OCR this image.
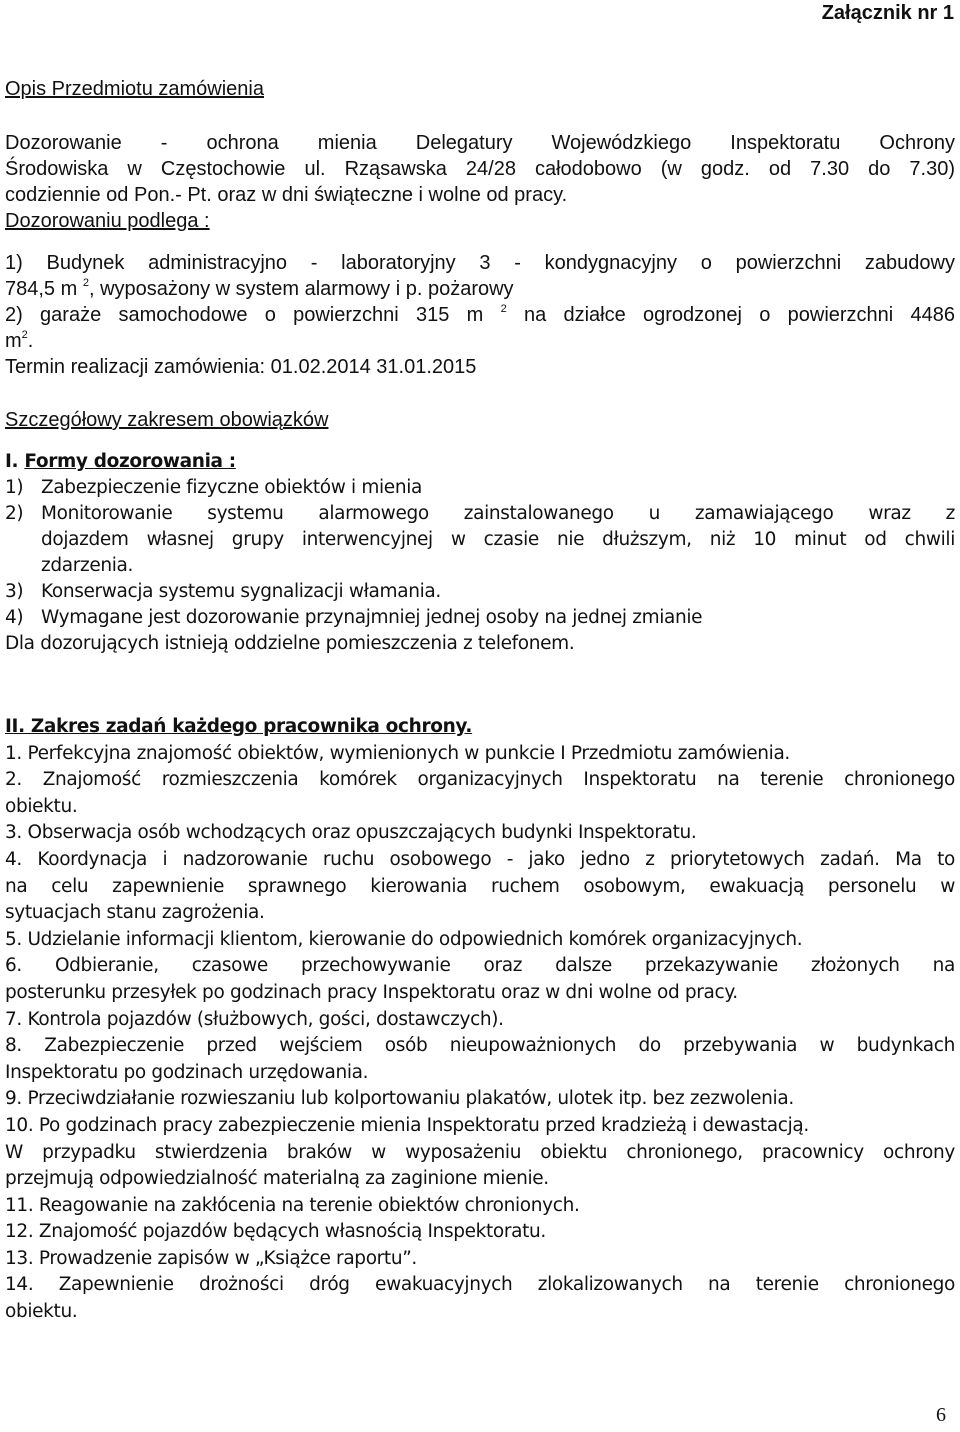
Załącznik nr 1
Opis Przedmiotu zamówienia
Dozorowanie - ochrona mienia Delegatury Wojewódzkiego Inspektoratu Ochrony
Środowiska w Częstochowie ul. Rząsawska 24/28 całodobowo (w godz. od 7.30 do 7.30)
codziennie od Pon.- Pt. oraz w dni świąteczne i wolne od pracy.
Dozorowaniu podlega :
1) Budynek administracyjno - laboratoryjny 3 - kondygnacyjny o powierzchni zabudowy
784,5 m $^2$, wyposażony w system alarmowy i p. pożarowy
2) garaże samochodowe o powierzchni 315 m $^2$ na działce ogrodzonej o powierzchni 4486
$m^2$.
Termin realizacji zamówienia: 01.02.2014 31.01.2015
Szczegółowy zakresem obowiązków
I. Formy dozorowania :
1) Zabezpieczenie fizyczne obiektów i mienia
2) Monitorowanie systemu alarmowego zainstalowanego u zamawiającego wraz z
dojazdem własnej grupy interwencyjnej w czasie nie dłuższym, niż 10 minut od chwili
zdarzenia.
3) Konserwacja systemu sygnalizacji włamania.
4) Wymagane jest dozorowanie przynajmniej jednej osoby na jednej zmianie
Dla dozorujących istnieją oddzielne pomieszczenia z telefonem.
II. Zakres zadań każdego pracownika ochrony.
1. Perfekcyjna znajomość obiektów, wymienionych w punkcie I Przedmiotu zamówienia.
2. Znajomość rozmieszczenia komórek organizacyjnych Inspektoratu na terenie chronionego
obiektu.
3. Obserwacja osób wchodzących oraz opuszczających budynki Inspektoratu.
4. Koordynacja i nadzorowanie ruchu osobowego - jako jedno z priorytetowych zadań. Ma to
na celu zapewnienie sprawnego kierowania ruchem osobowym, ewakuacją personelu w
sytuacjach stanu zagrożenia.
5. Udzielanie informacji klientom, kierowanie do odpowiednich komórek organizacyjnych.
6. Odbieranie, czasowe przechowywanie oraz dalsze przekazywanie złożonych na
posterunku przesyłek po godzinach pracy Inspektoratu oraz w dni wolne od pracy.
7. Kontrola pojazdów (służbowych, gości, dostawczych).
8. Zabezpieczenie przed wejściem osób nieupoważnionych do przebywania w budynkach
Inspektoratu po godzinach urzędowania.
9. Przeciwdziałanie rozwieszaniu lub kolportowaniu plakatów, ulotek itp. bez zezwolenia.
10. Po godzinach pracy zabezpieczenie mienia Inspektoratu przed kradzieżą i dewastacją.
W przypadku stwierdzenia braków w wyposażeniu obiektu chronionego, pracownicy ochrony
przejmują odpowiedzialność materialną za zaginione mienie.
11. Reagowanie na zakłócenia na terenie obiektów chronionych.
12. Znajomość pojazdów będących własnością Inspektoratu.
13. Prowadzenie zapisów w „Książce raportu”.
14. Zapewnienie drożności dróg ewakuacyjnych zlokalizowanych na terenie chronionego
obiektu.
6
